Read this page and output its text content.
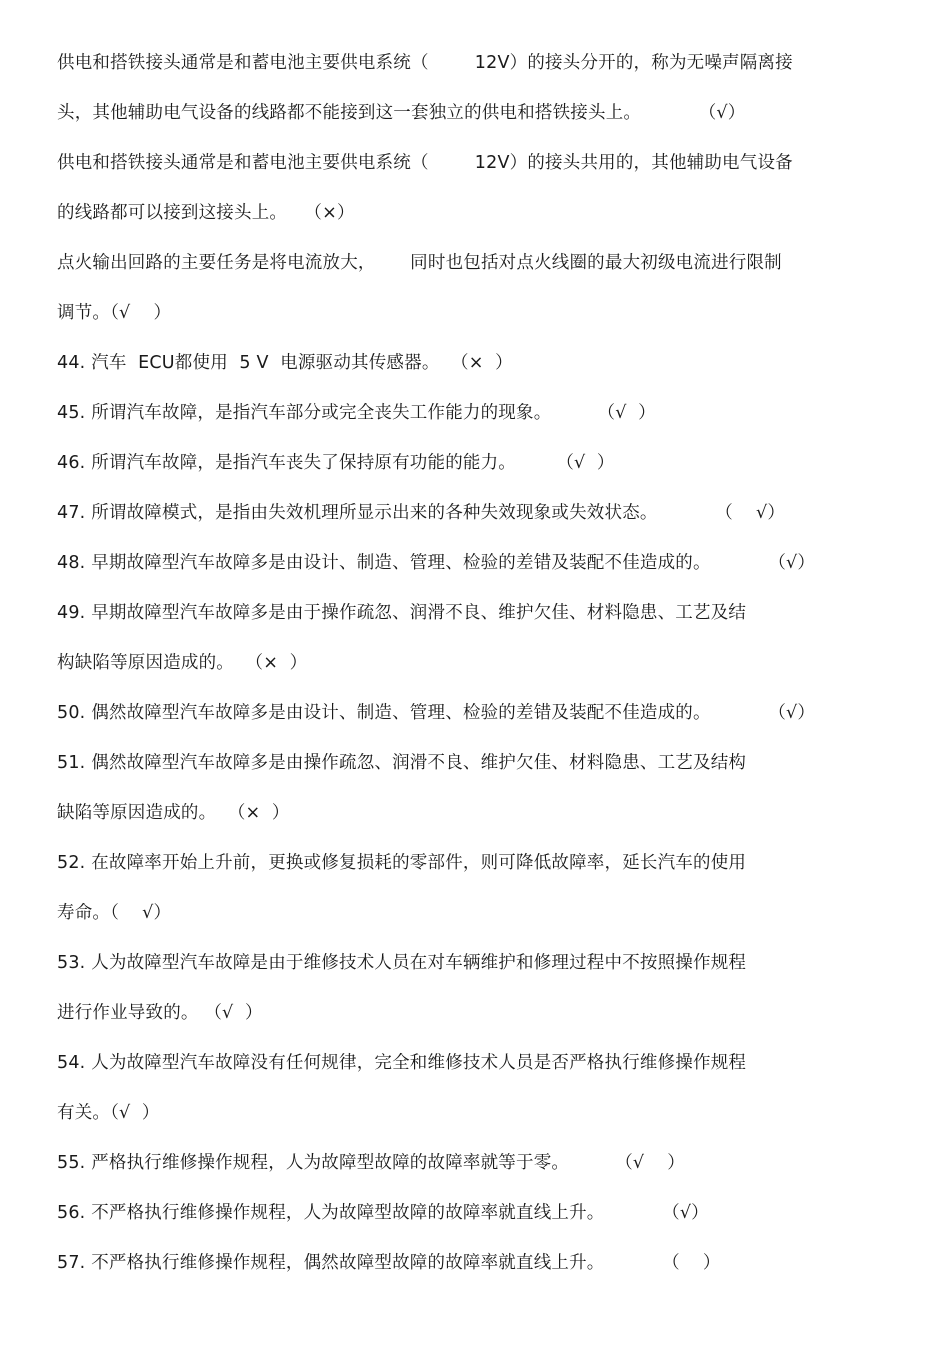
供电和搭铁接头通常是和蓄电池主要供电系统（        12V）的接头分开的，称为无噪声隔离接
头，其他辅助电气设备的线路都不能接到这一套独立的供电和搭铁接头上。          （√）
供电和搭铁接头通常是和蓄电池主要供电系统（        12V）的接头共用的，其他辅助电气设备
的线路都可以接到这接头上。   （×）
点火输出回路的主要任务是将电流放大，      同时也包括对点火线圈的最大初级电流进行限制
调节。（√    ）
44. 汽车  ECU都使用  5 V  电源驱动其传感器。  （×  ）
45. 所谓汽车故障，是指汽车部分或完全丧失工作能力的现象。        （√  ）
46. 所谓汽车故障，是指汽车丧失了保持原有功能的能力。       （√  ）
47. 所谓故障模式，是指由失效机理所显示出来的各种失效现象或失效状态。          （    √）
48. 早期故障型汽车故障多是由设计、制造、管理、检验的差错及装配不佳造成的。          （√）
49. 早期故障型汽车故障多是由于操作疏忽、润滑不良、维护欠佳、材料隐患、工艺及结
构缺陷等原因造成的。  （×  ）
50. 偶然故障型汽车故障多是由设计、制造、管理、检验的差错及装配不佳造成的。          （√）
51. 偶然故障型汽车故障多是由操作疏忽、润滑不良、维护欠佳、材料隐患、工艺及结构
缺陷等原因造成的。  （×  ）
52. 在故障率开始上升前，更换或修复损耗的零部件，则可降低故障率，延长汽车的使用
寿命。（    √）
53. 人为故障型汽车故障是由于维修技术人员在对车辆维护和修理过程中不按照操作规程
进行作业导致的。 （√  ）
54. 人为故障型汽车故障没有任何规律，完全和维修技术人员是否严格执行维修操作规程
有关。（√  ）
55. 严格执行维修操作规程，人为故障型故障的故障率就等于零。        （√    ）
56. 不严格执行维修操作规程，人为故障型故障的故障率就直线上升。          （√）
57. 不严格执行维修操作规程，偶然故障型故障的故障率就直线上升。          （    ）
